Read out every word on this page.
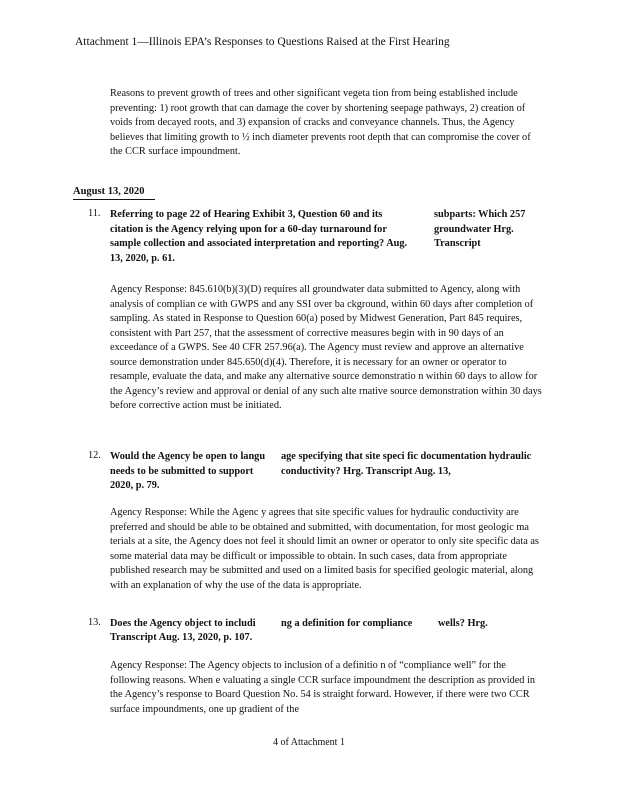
Attachment 1—Illinois EPA’s Responses to Questions Raised at the First Hearing
Reasons to prevent growth of trees and other significant vegeta tion from being established include preventing: 1) root growth that can damage the cover by shortening seepage pathways, 2) creation of voids from decayed roots, and 3) expansion of cracks and conveyance channels. Thus, the Agency believes that limiting growth to ½ inch diameter prevents root depth that can compromise the cover of the CCR surface impoundment.
August 13, 2020
11. Referring to page 22 of Hearing Exhibit 3, Question 60 and its citation is the Agency relying upon for a 60-day turnaround for sample collection and associated interpretation and reporting? Aug. 13, 2020, p. 61.
subparts: Which 257 groundwater Hrg. Transcript
Agency Response: 845.610(b)(3)(D) requires all groundwater data submitted to Agency, along with analysis of complian ce with GWPS and any SSI over ba ckground, within 60 days after completion of sampling. As stated in Response to Question 60(a) posed by Midwest Generation, Part 845 requires, consistent with Part 257, that the assessment of corrective measures begin with in 90 days of an exceedance of a GWPS. See 40 CFR 257.96(a). The Agency must review and approve an alternative source demonstration under 845.650(d)(4). Therefore, it is necessary for an owner or operator to resample, evaluate the data, and make any alternative source demonstratio n within 60 days to allow for the Agency’s review and approval or denial of any such alte rnative source demonstration within 30 days before corrective action must be initiated.
12. Would the Agency be open to langu needs to be submitted to support
age specifying that site speci fic documentation hydraulic conductivity? Hrg. Transcript Aug. 13,
2020, p. 79.
Agency Response: While the Agenc y agrees that site specific values for hydraulic conductivity are preferred and should be able to be obtained and submitted, with documentation, for most geologic ma terials at a site, the Agency does not feel it should limit an owner or operator to only site specific data as some material data may be difficult or impossible to obtain. In such cases, data from appropriate published research may be submitted and used on a limited basis for specified geologic material, along with an explanation of why the use of the data is appropriate.
13. Does the Agency object to includi ng a definition for compliance wells? Hrg.
Transcript Aug. 13, 2020, p. 107.
Agency Response: The Agency objects to inclusion of a definitio n of “compliance well” for the following reasons. When e valuating a single CCR surface impoundment the description as provided in the Agency’s response to Board Question No. 54 is straight forward. However, if there were two CCR surface impoundments, one up gradient of the
4 of Attachment 1
